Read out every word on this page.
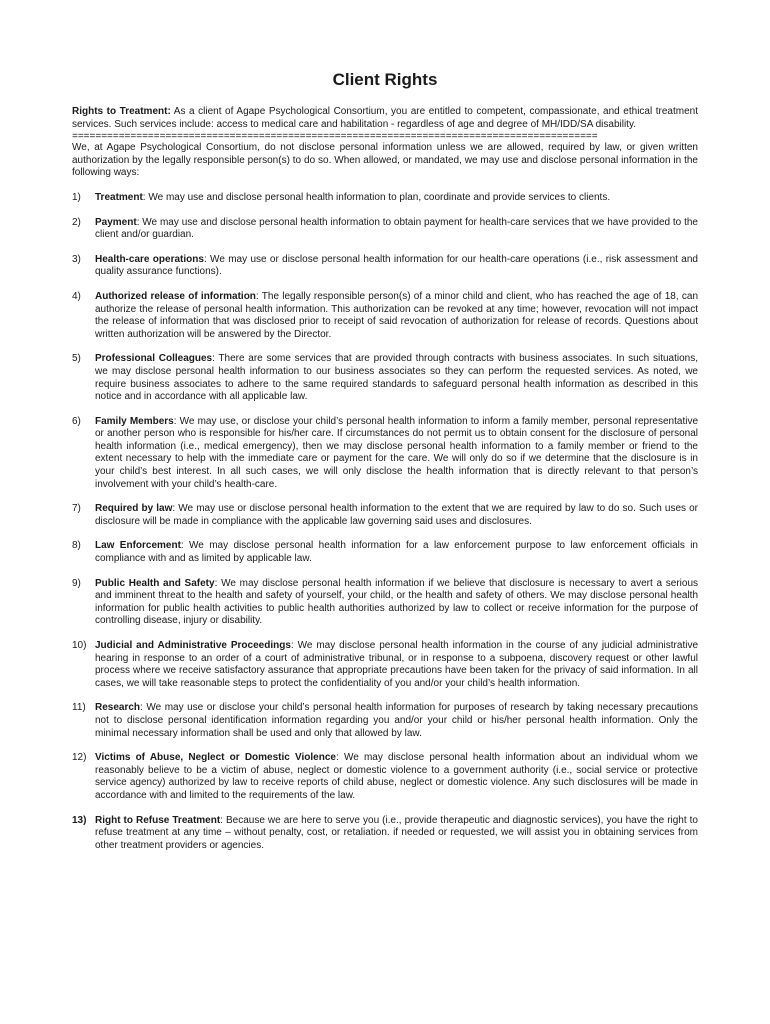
Client Rights

Rights to Treatment: As a client of Agape Psychological Consortium, you are entitled to competent, compassionate, and ethical treatment services. Such services include: access to medical care and habilitation - regardless of age and degree of MH/IDD/SA disability.

==========================================================================================

We, at Agape Psychological Consortium, do not disclose personal information unless we are allowed, required by law, or given written authorization by the legally responsible person(s) to do so. When allowed, or mandated, we may use and disclose personal information in the following ways:

1)	Treatment: We may use and disclose personal health information to plan, coordinate and provide services to clients.
2)	Payment: We may use and disclose personal health information to obtain payment for health-care services that we have provided to the client and/or guardian.
3)	Health-care operations: We may use or disclose personal health information for our health-care operations (i.e., risk assessment and quality assurance functions).
4)	Authorized release of information: The legally responsible person(s) of a minor child and client, who has reached the age of 18, can authorize the release of personal health information. This authorization can be revoked at any time; however, revocation will not impact the release of information that was disclosed prior to receipt of said revocation of authorization for release of records. Questions about written authorization will be answered by the Director.
5)	Professional Colleagues: There are some services that are provided through contracts with business associates. In such situations, we may disclose personal health information to our business associates so they can perform the requested services. As noted, we require business associates to adhere to the same required standards to safeguard personal health information as described in this notice and in accordance with all applicable law.
6)	Family Members: We may use, or disclose your child’s personal health information to inform a family member, personal representative or another person who is responsible for his/her care. If circumstances do not permit us to obtain consent for the disclosure of personal health information (i.e., medical emergency), then we may disclose personal health information to a family member or friend to the extent necessary to help with the immediate care or payment for the care. We will only do so if we determine that the disclosure is in your child’s best interest. In all such cases, we will only disclose the health information that is directly relevant to that person’s involvement with your child’s health-care.
7)	Required by law: We may use or disclose personal health information to the extent that we are required by law to do so. Such uses or disclosure will be made in compliance with the applicable law governing said uses and disclosures.
8)	Law Enforcement: We may disclose personal health information for a law enforcement purpose to law enforcement officials in compliance with and as limited by applicable law.
9)	Public Health and Safety: We may disclose personal health information if we believe that disclosure is necessary to avert a serious and imminent threat to the health and safety of yourself, your child, or the health and safety of others. We may disclose personal health information for public health activities to public health authorities authorized by law to collect or receive information for the purpose of controlling disease, injury or disability.
10) Judicial and Administrative Proceedings: We may disclose personal health information in the course of any judicial administrative hearing in response to an order of a court of administrative tribunal, or in response to a subpoena, discovery request or other lawful process where we receive satisfactory assurance that appropriate precautions have been taken for the privacy of said information. In all cases, we will take reasonable steps to protect the confidentiality of you and/or your child’s health information.
11) Research: We may use or disclose your child’s personal health information for purposes of research by taking necessary precautions not to disclose personal identification information regarding you and/or your child or his/her personal health information. Only the minimal necessary information shall be used and only that allowed by law.
12) Victims of Abuse, Neglect or Domestic Violence: We may disclose personal health information about an individual whom we reasonably believe to be a victim of abuse, neglect or domestic violence to a government authority (i.e., social service or protective service agency) authorized by law to receive reports of child abuse, neglect or domestic violence. Any such disclosures will be made in accordance with and limited to the requirements of the law.
13) Right to Refuse Treatment: Because we are here to serve you (i.e., provide therapeutic and diagnostic services), you have the right to refuse treatment at any time – without penalty, cost, or retaliation. if needed or requested, we will assist you in obtaining services from other treatment providers or agencies.
